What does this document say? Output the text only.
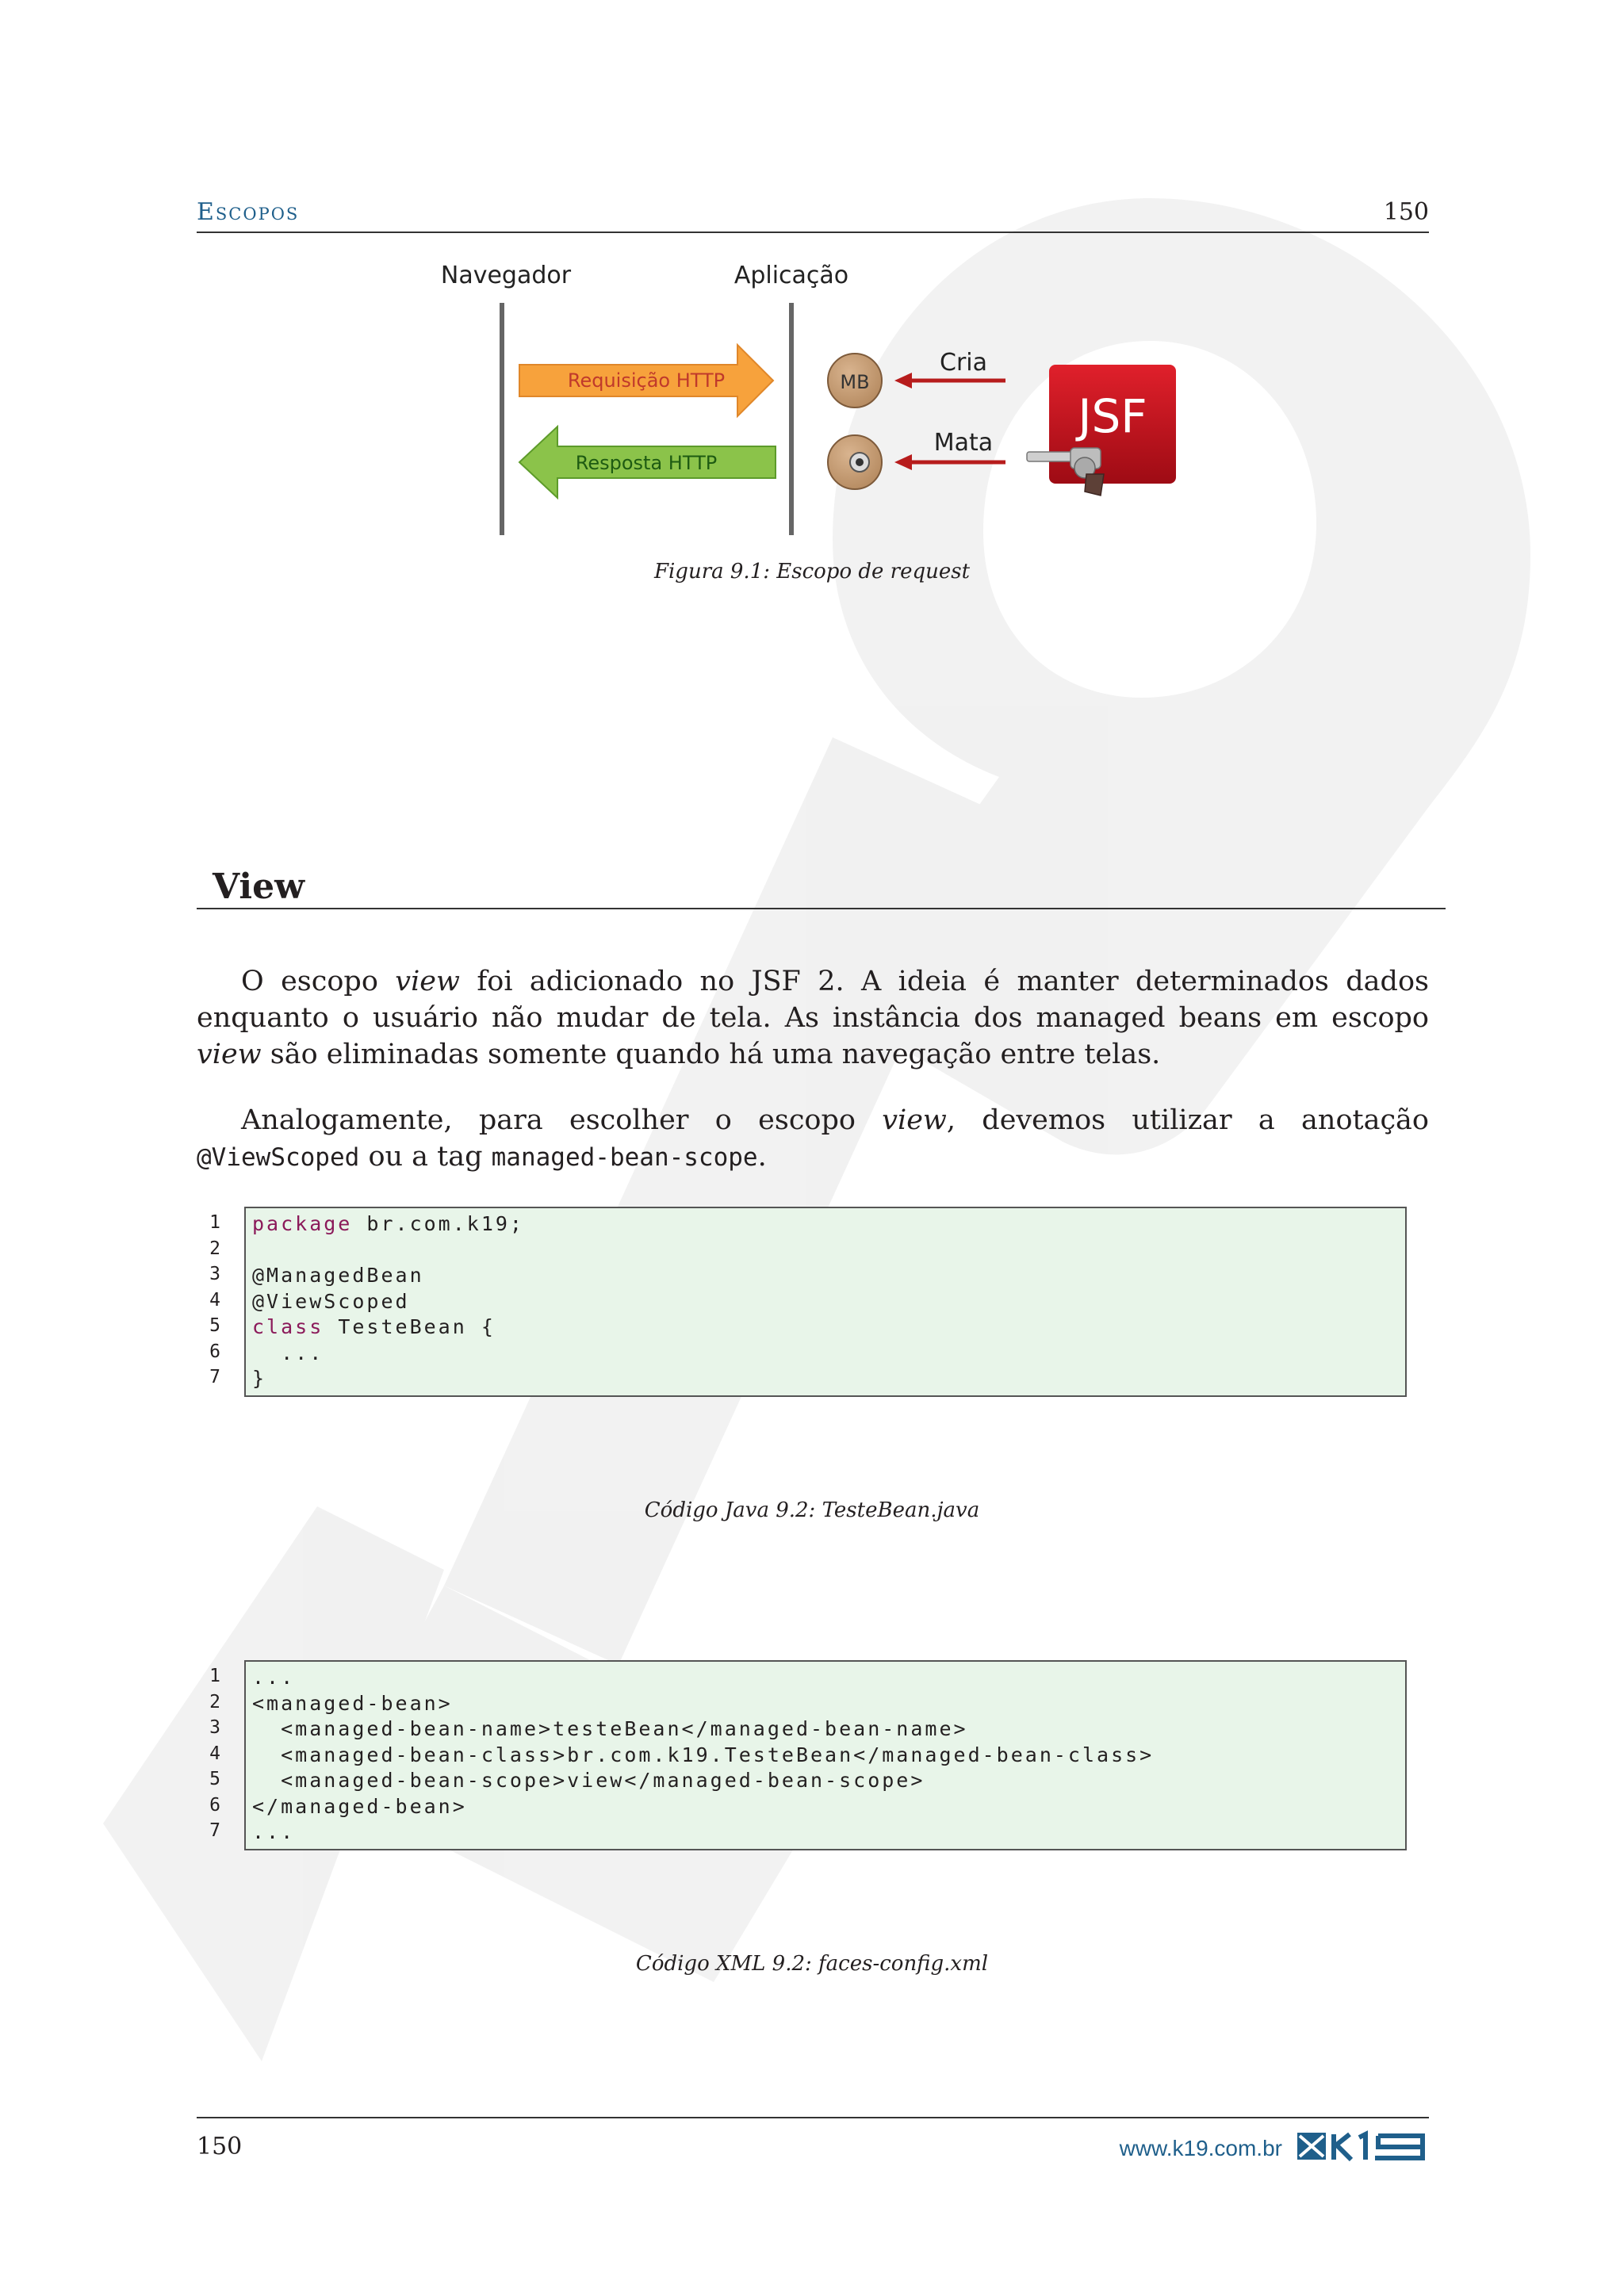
Escopos	150
Navegador	Aplicação
Requisição HTTP
Resposta HTTP
MB
Cria
Mata JSF
Figura 9.1: Escopo de request
View

O escopo view foi adicionado no JSF 2. A ideia é manter determinados dados enquanto o usuário não mudar de tela. As instância dos managed beans em escopo view são eliminadas somente quando há uma navegação entre telas.

Analogamente, para escolher o escopo view, devemos utilizar a anotação @ViewScoped ou a tag managed-bean-scope.

1
2
3
4
5
6
7
package br.com.k19;
@ManagedBean
@ViewScoped
class TesteBean {
...
}
Código Java 9.2: TesteBean.java
1
2
3
4
5
6
7
...
<managed-bean>
<managed-bean-name>testeBean</managed-bean-name>
<managed-bean-class>br.com.k19.TesteBean</managed-bean-class>
<managed-bean-scope>view</managed-bean-scope>
</managed-bean>
...
Código XML 9.2: faces-config.xml
150	www.k19.com.br
